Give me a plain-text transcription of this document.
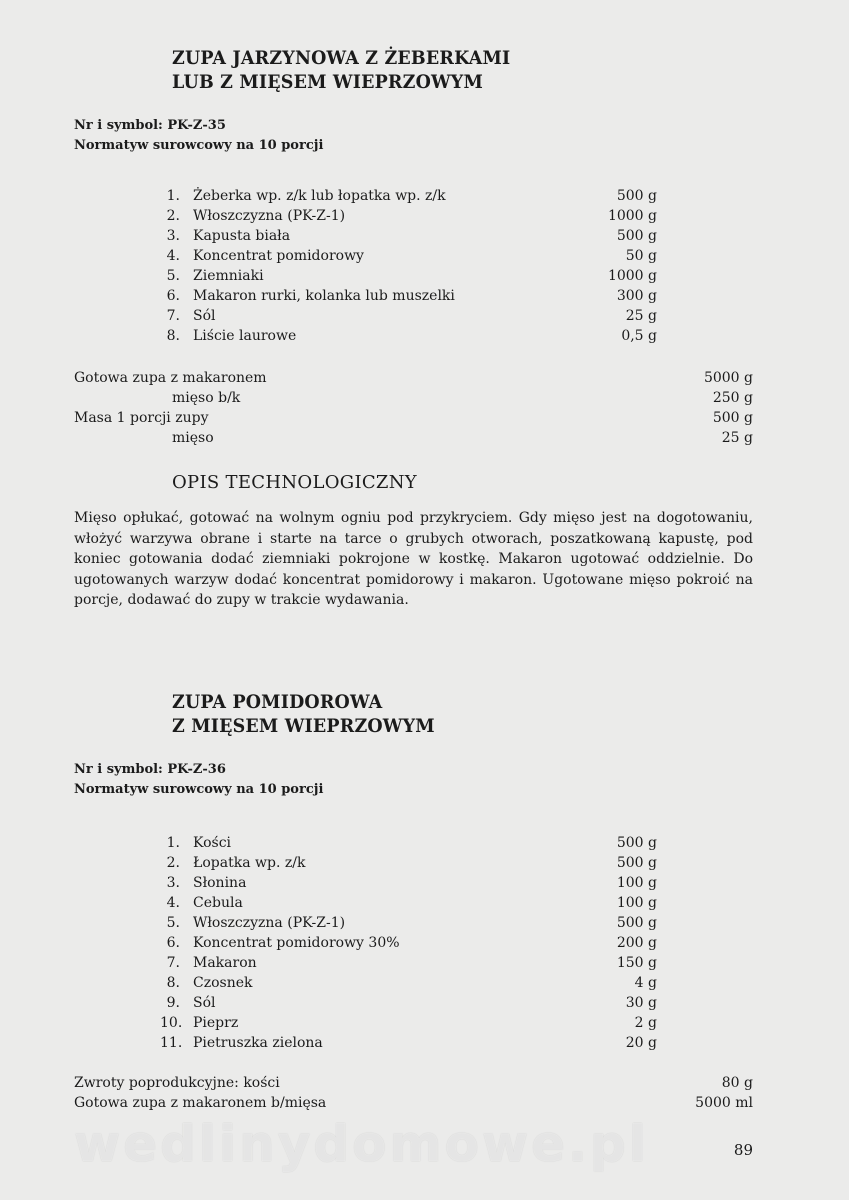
ZUPA JARZYNOWA Z ŻEBERKAMI
LUB Z MIĘSEM WIEPRZOWYM
Nr i symbol: PK-Z-35
Normatyw surowcowy na 10 porcji
1. Żeberka wp. z/k lub łopatka wp. z/k	500 g
2. Włoszczyzna (PK-Z-1)	1000 g
3. Kapusta biała	500 g
4. Koncentrat pomidorowy	50 g
5. Ziemniaki	1000 g
6. Makaron rurki, kolanka lub muszelki	300 g
7. Sól	25 g
8. Liście laurowe	0,5 g
Gotowa zupa z makaronem	5000 g
mięso b/k	250 g
Masa 1 porcji zupy	500 g
mięso	25 g
OPIS TECHNOLOGICZNY
Mięso opłukać, gotować na wolnym ogniu pod przykryciem. Gdy mięso jest na dogotowaniu, włożyć warzywa obrane i starte na tarce o grubych otworach, poszatkowaną kapustę, pod koniec gotowania dodać ziemniaki pokrojone w kostkę. Makaron ugotować oddzielnie. Do ugotowanych warzyw dodać koncentrat pomidorowy i makaron. Ugotowane mięso pokroić na porcje, dodawać do zupy w trakcie wydawania.
ZUPA POMIDOROWA
Z MIĘSEM WIEPRZOWYM
Nr i symbol: PK-Z-36
Normatyw surowcowy na 10 porcji
1. Kości	500 g
2. Łopatka wp. z/k	500 g
3. Słonina	100 g
4. Cebula	100 g
5. Włoszczyzna (PK-Z-1)	500 g
6. Koncentrat pomidorowy 30%	200 g
7. Makaron	150 g
8. Czosnek	4 g
9. Sól	30 g
10. Pieprz	2 g
11. Pietruszka zielona	20 g
Zwroty poprodukcyjne: kości	80 g
Gotowa zupa z makaronem b/mięsa	5000 ml
wedlinydomowe.pl	89
